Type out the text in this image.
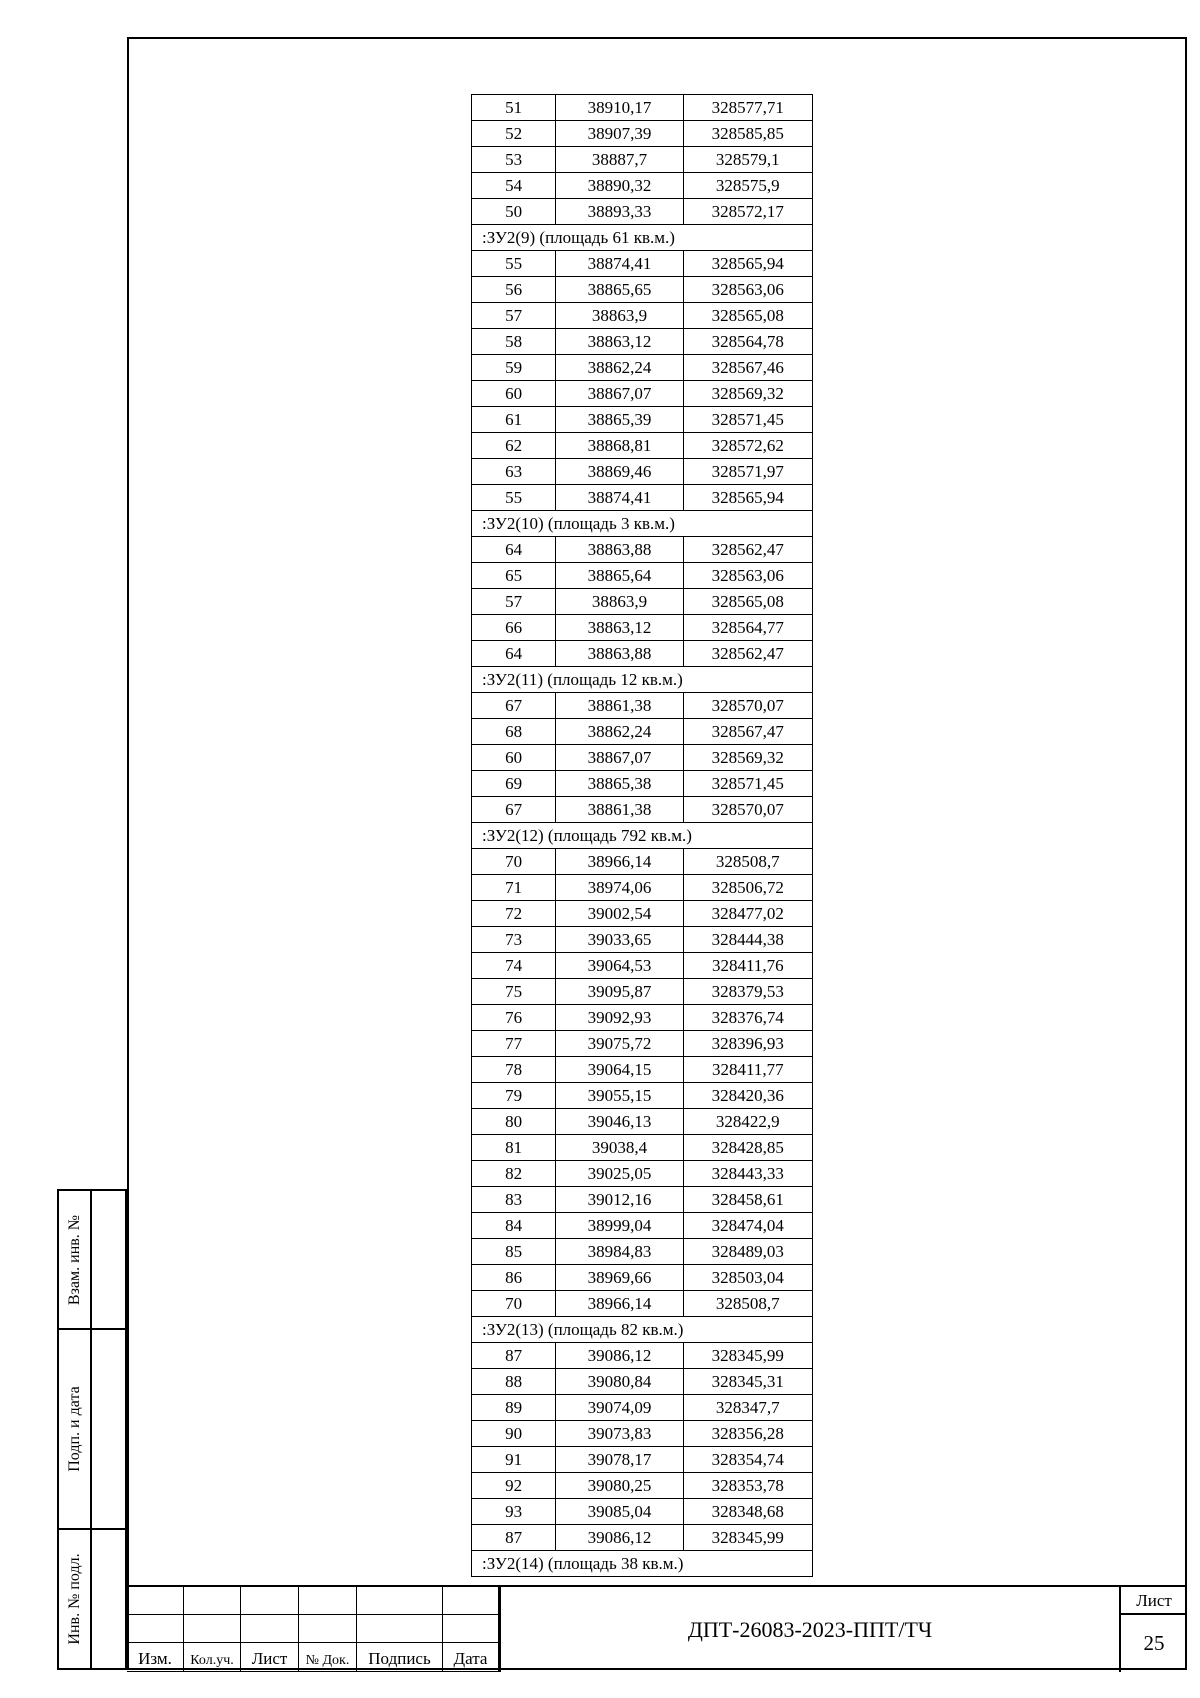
Взам. инв. №
Подп. и дата
Инв. № подл.
51	38910,17	328577,71
52	38907,39	328585,85
53	38887,7	328579,1
54	38890,32	328575,9
50	38893,33	328572,17
:ЗУ2(9) (площадь 61 кв.м.)		
55	38874,41	328565,94
56	38865,65	328563,06
57	38863,9	328565,08
58	38863,12	328564,78
59	38862,24	328567,46
60	38867,07	328569,32
61	38865,39	328571,45
62	38868,81	328572,62
63	38869,46	328571,97
55	38874,41	328565,94
:ЗУ2(10) (площадь 3 кв.м.)		
64	38863,88	328562,47
65	38865,64	328563,06
57	38863,9	328565,08
66	38863,12	328564,77
64	38863,88	328562,47
:ЗУ2(11) (площадь 12 кв.м.)		
67	38861,38	328570,07
68	38862,24	328567,47
60	38867,07	328569,32
69	38865,38	328571,45
67	38861,38	328570,07
:ЗУ2(12) (площадь 792 кв.м.)		
70	38966,14	328508,7
71	38974,06	328506,72
72	39002,54	328477,02
73	39033,65	328444,38
74	39064,53	328411,76
75	39095,87	328379,53
76	39092,93	328376,74
77	39075,72	328396,93
78	39064,15	328411,77
79	39055,15	328420,36
80	39046,13	328422,9
81	39038,4	328428,85
82	39025,05	328443,33
83	39012,16	328458,61
84	38999,04	328474,04
85	38984,83	328489,03
86	38969,66	328503,04
70	38966,14	328508,7
:ЗУ2(13) (площадь 82 кв.м.)		
87	39086,12	328345,99
88	39080,84	328345,31
89	39074,09	328347,7
90	39073,83	328356,28
91	39078,17	328354,74
92	39080,25	328353,78
93	39085,04	328348,68
87	39086,12	328345,99
:ЗУ2(14) (площадь 38 кв.м.)		
Изм.	Кол.уч.	Лист	№ Док.	Подпись	Дата
ДПТ-26083-2023-ППТ/ТЧ
Лист
25
